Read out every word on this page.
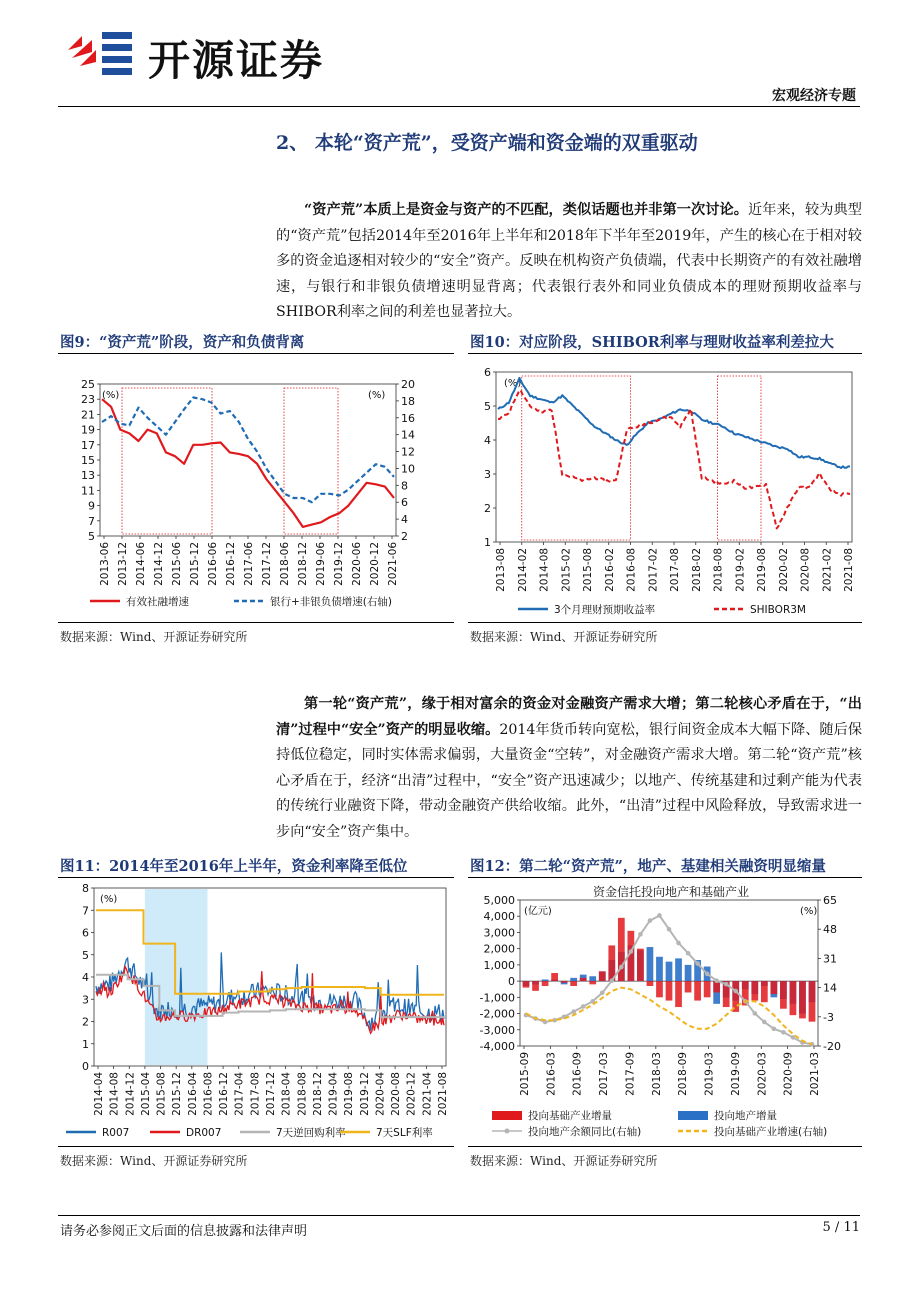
开源证券
宏观经济专题
2、 本轮“资产荒”，受资产端和资金端的双重驱动
“资产荒”本质上是资金与资产的不匹配，类似话题也并非第一次讨论。近年来，较为典型的“资产荒”包括2014年至2016年上半年和2018年下半年至2019年，产生的核心在于相对较多的资金追逐相对较少的“安全”资产。反映在机构资产负债端，代表中长期资产的有效社融增速，与银行和非银负债增速明显背离；代表银行表外和同业负债成本的理财预期收益率与SHIBOR利率之间的利差也显著拉大。
图9：“资产荒”阶段，资产和负债背离
5
7
9
11
13
15
17
19
21
23
25
(%)
2
4
6
8
10
12
14
16
18
20
(%)
2013-06 2013-12 2014-06 2014-12 2015-06 2015-12 2016-06 2016-12 2017-06 2017-12 2018-06 2018-12 2019-06 2019-12 2020-06 2020-12 2021-06
有效社融增速	银行+非银负债增速(右轴)
数据来源：Wind、开源证券研究所
图10：对应阶段，SHIBOR利率与理财收益率利差拉大
1
2
3
4
5
6
(%)
2013-08 2014-02 2014-08 2015-02 2015-08 2016-02 2016-08 2017-02 2017-08 2018-02 2018-08 2019-02 2019-08 2020-02 2020-08 2021-02 2021-08
3个月理财预期收益率	SHIBOR3M
数据来源：Wind、开源证券研究所
第一轮“资产荒”，缘于相对富余的资金对金融资产需求大增；第二轮核心矛盾在于，“出清”过程中“安全”资产的明显收缩。2014年货币转向宽松，银行间资金成本大幅下降、随后保持低位稳定，同时实体需求偏弱，大量资金“空转”，对金融资产需求大增。第二轮“资产荒”核心矛盾在于，经济“出清”过程中，“安全”资产迅速减少；以地产、传统基建和过剩产能为代表的传统行业融资下降，带动金融资产供给收缩。此外，“出清”过程中风险释放，导致需求进一步向“安全”资产集中。
图11：2014年至2016年上半年，资金利率降至低位
0
1
2
3
4
5
6
7
8
(%)
2014-04 2014-08 2014-12 2015-04 2015-08 2015-12 2016-04 2016-08 2016-12 2017-04 2017-08 2017-12 2018-04 2018-08 2018-12 2019-04 2019-08 2019-12 2020-04 2020-08 2020-12 2021-04 2021-08
R007	DR007	7天逆回购利率	7天SLF利率
数据来源：Wind、开源证券研究所
图12：第二轮“资产荒”，地产、基建相关融资明显缩量
资金信托投向地产和基础产业
-4,000
-3,000
-2,000
-1,000
0
1,000
2,000
3,000
4,000
5,000
(亿元)
-20
-3
14
31
48
65
(%)
2015-09 2016-03 2016-09 2017-03 2017-09 2018-03 2018-09 2019-03 2019-09 2020-03 2020-09 2021-03
投向基础产业增量	投向地产增量
投向地产余额同比(右轴)	投向基础产业增速(右轴)
数据来源：Wind、开源证券研究所
请务必参阅正文后面的信息披露和法律声明	5 / 11
